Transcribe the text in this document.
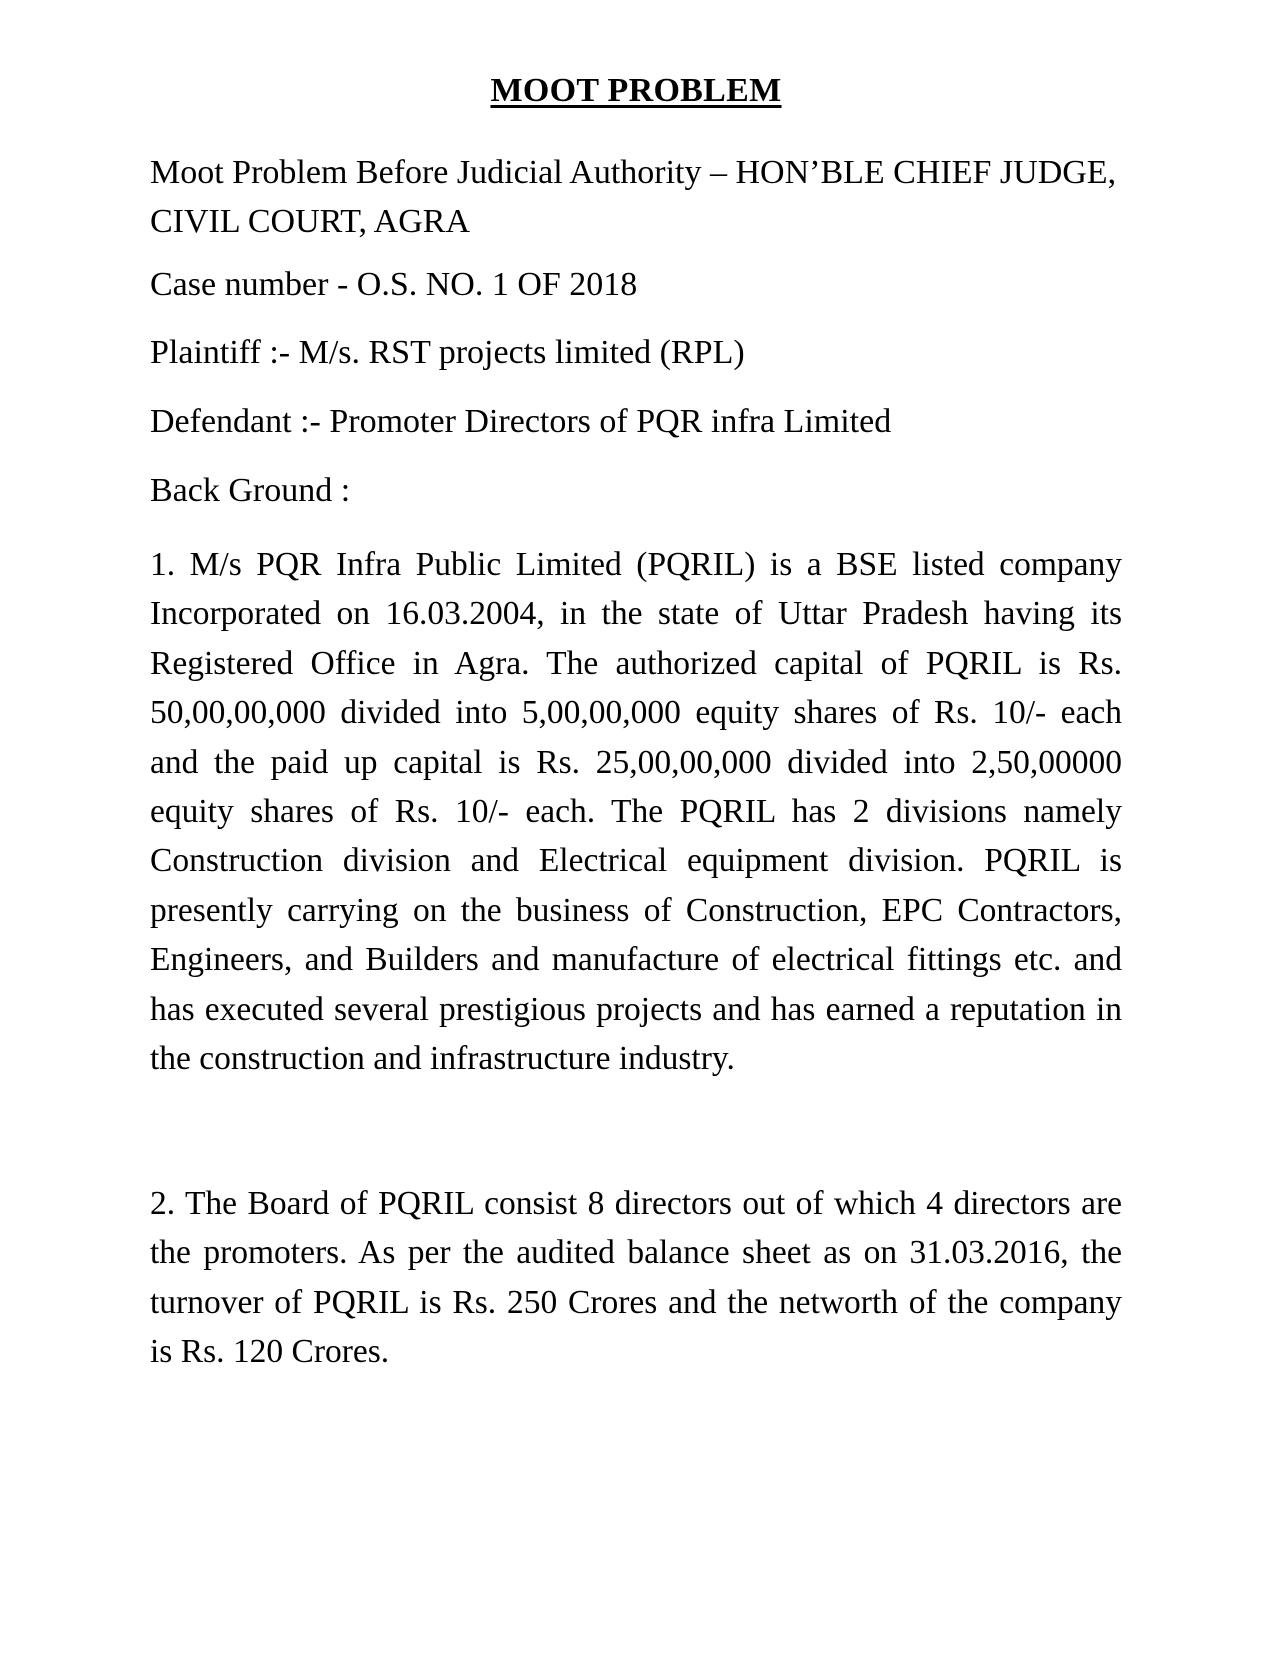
MOOT PROBLEM
Moot Problem Before Judicial Authority – HON’BLE CHIEF JUDGE, CIVIL COURT, AGRA
Case number - O.S. NO. 1 OF 2018
Plaintiff :- M/s. RST projects limited (RPL)
Defendant :- Promoter Directors of PQR infra Limited
Back Ground :
1. M/s PQR Infra Public Limited (PQRIL) is a BSE listed company Incorporated on 16.03.2004, in the state of Uttar Pradesh having its Registered Office in Agra. The authorized capital of PQRIL is Rs. 50,00,00,000 divided into 5,00,00,000 equity shares of Rs. 10/- each and the paid up capital is Rs. 25,00,00,000 divided into 2,50,00000 equity shares of Rs. 10/- each. The PQRIL has 2 divisions namely Construction division and Electrical equipment division. PQRIL is presently carrying on the business of Construction, EPC Contractors, Engineers, and Builders and manufacture of electrical fittings etc. and has executed several prestigious projects and has earned a reputation in the construction and infrastructure industry.
2. The Board of PQRIL consist 8 directors out of which 4 directors are the promoters. As per the audited balance sheet as on 31.03.2016, the turnover of PQRIL is Rs. 250 Crores and the networth of the company is Rs. 120 Crores.
